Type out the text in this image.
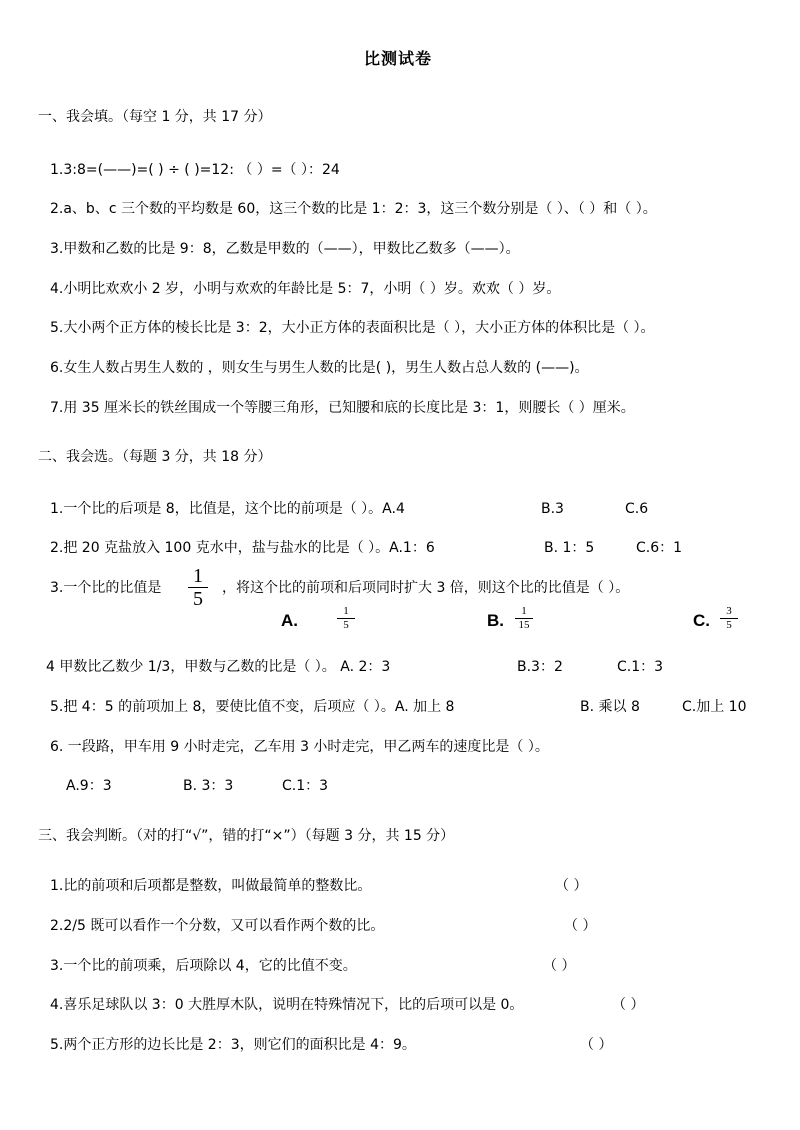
比测试卷
一、我会填。（每空 1 分，共 17 分）
1.3:8=(——)=( ) ÷ ( )=12: （ ）=（ ）：24
2.a、b、c 三个数的平均数是 60，这三个数的比是 1：2：3，这三个数分别是（ ）、（ ）和（ ）。
3.甲数和乙数的比是 9：8，乙数是甲数的（——），甲数比乙数多（——）。
4.小明比欢欢小 2 岁，小明与欢欢的年龄比是 5：7，小明（ ）岁。欢欢（ ）岁。
5.大小两个正方体的棱长比是 3：2，大小正方体的表面积比是（ ），大小正方体的体积比是（ ）。
6.女生人数占男生人数的 ，则女生与男生人数的比是( )，男生人数占总人数的 (——)。
7.用 35 厘米长的铁丝围成一个等腰三角形，已知腰和底的长度比是 3：1，则腰长（ ）厘米。
二、我会选。（每题 3 分，共 18 分）
1.一个比的后项是 8，比值是，这个比的前项是（ ）。A.4	B.3	C.6
2.把 20 克盐放入 100 克水中，盐与盐水的比是（ ）。A.1：6	B. 1：5	C.6：1
3.一个比的比值是
1
5	，将这个比的前项和后项同时扩大 3 倍，则这个比的比值是（ ）。
A.	1
5	B.	1
15	C.	3
5
4 甲数比乙数少 1/3，甲数与乙数的比是（ ）。 A. 2：3	B.3：2	C.1：3
5.把 4：5 的前项加上 8，要使比值不变，后项应（ ）。A. 加上 8	B. 乘以 8	C.加上 10
6. 一段路，甲车用 9 小时走完，乙车用 3 小时走完，甲乙两车的速度比是（ ）。
A.9：3	B. 3：3	C.1：3
三、我会判断。（对的打“√”，错的打“×”）（每题 3 分，共 15 分）
1.比的前项和后项都是整数，叫做最简单的整数比。	（ ）
2.2/5 既可以看作一个分数，又可以看作两个数的比。	（ ）
3.一个比的前项乘，后项除以 4，它的比值不变。	（ ）
4.喜乐足球队以 3：0 大胜厚木队，说明在特殊情况下，比的后项可以是 0。	（ ）
5.两个正方形的边长比是 2：3，则它们的面积比是 4：9。	（ ）
